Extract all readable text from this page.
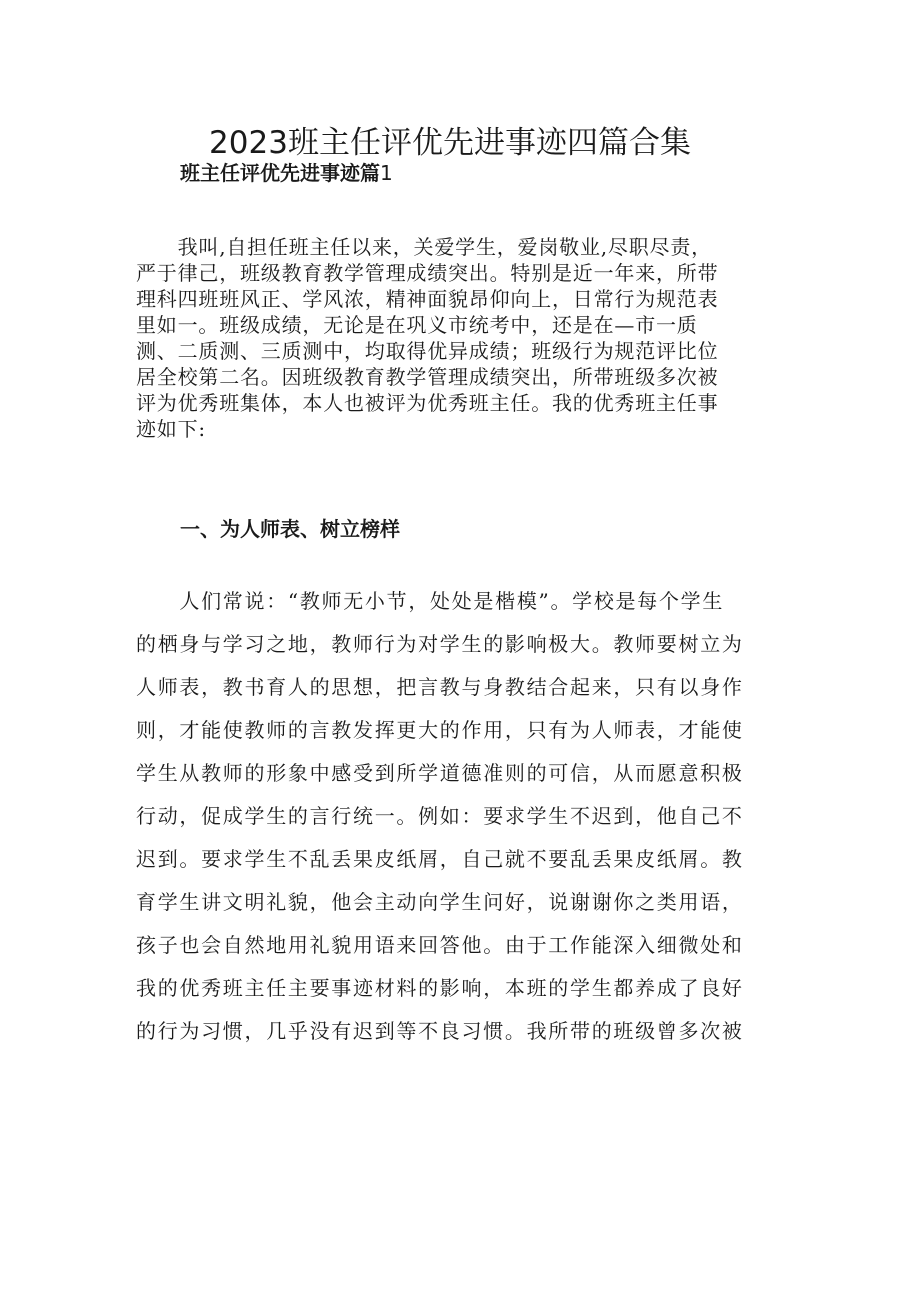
2023班主任评优先进事迹四篇合集
班主任评优先进事迹篇1

　　我叫,自担任班主任以来，关爱学生，爱岗敬业,尽职尽责，
严于律己，班级教育教学管理成绩突出。特别是近一年来，所带
理科四班班风正、学风浓，精神面貌昂仰向上，日常行为规范表
里如一。班级成绩，无论是在巩义市统考中，还是在—市一质
测、二质测、三质测中，均取得优异成绩；班级行为规范评比位
居全校第二名。因班级教育教学管理成绩突出，所带班级多次被
评为优秀班集体，本人也被评为优秀班主任。我的优秀班主任事
迹如下:

一、为人师表、树立榜样

　　人们常说：“教师无小节，处处是楷模”。学校是每个学生
的栖身与学习之地，教师行为对学生的影响极大。教师要树立为
人师表，教书育人的思想，把言教与身教结合起来，只有以身作
则，才能使教师的言教发挥更大的作用，只有为人师表，才能使
学生从教师的形象中感受到所学道德准则的可信，从而愿意积极
行动，促成学生的言行统一。例如：要求学生不迟到，他自己不
迟到。要求学生不乱丢果皮纸屑，自己就不要乱丢果皮纸屑。教
育学生讲文明礼貌，他会主动向学生问好，说谢谢你之类用语，
孩子也会自然地用礼貌用语来回答他。由于工作能深入细微处和
我的优秀班主任主要事迹材料的影响，本班的学生都养成了良好
的行为习惯，几乎没有迟到等不良习惯。我所带的班级曾多次被
